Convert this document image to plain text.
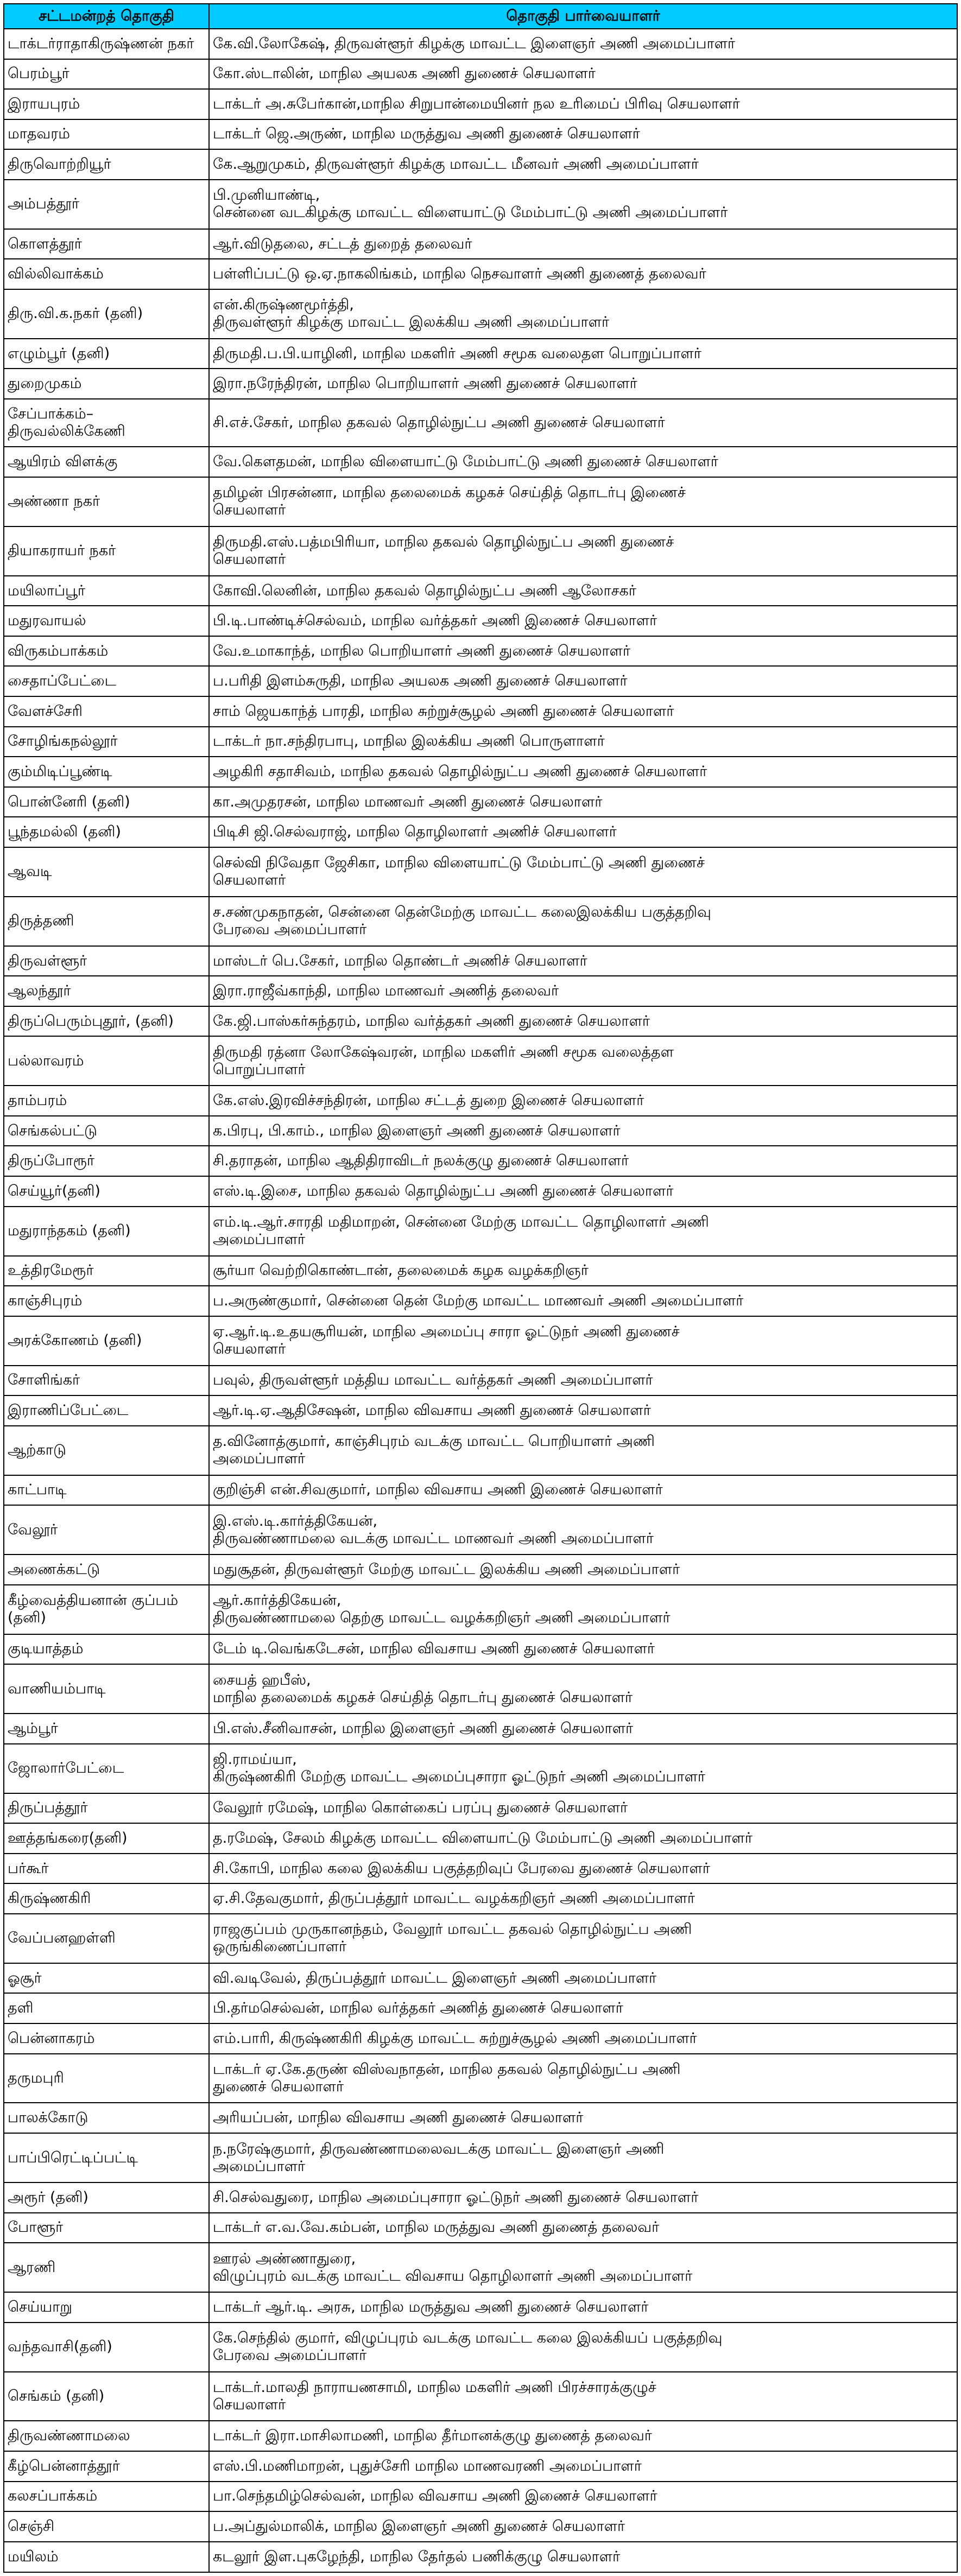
சட்டமன்றத் தொகுதி	தொகுதி பார்வையாளர்
டாக்டர்ராதாகிருஷ்ணன் நகர்	கே.வி.லோகேஷ், திருவள்ளூர் கிழக்கு மாவட்ட இளைஞர் அணி அமைப்பாளர்

பெரம்பூர்	கோ.ஸ்டாலின், மாநில அயலக அணி துணைச் செயலாளர்

இராயபுரம்	டாக்டர் அ.சுபேர்கான்,மாநில சிறுபான்மையினர் நல உரிமைப் பிரிவு செயலாளர்

மாதவரம்	டாக்டர் ஜெ.அருண், மாநில மருத்துவ அணி துணைச் செயலாளர்

திருவொற்றியூர்	கே.ஆறுமுகம், திருவள்ளூர் கிழக்கு மாவட்ட மீனவர் அணி அமைப்பாளர்

அம்பத்தூர்	பி.முனியாண்டி,
சென்னை வடகிழக்கு மாவட்ட விளையாட்டு மேம்பாட்டு அணி அமைப்பாளர்

கொளத்தூர்	ஆர்.விடுதலை, சட்டத் துறைத் தலைவர்

வில்லிவாக்கம்	பள்ளிப்பட்டு ஒ.ஏ.நாகலிங்கம், மாநில நெசவாளர் அணி துணைத் தலைவர்

திரு.வி.க.நகர் (தனி)	என்.கிருஷ்ணமூர்த்தி,
திருவள்ளூர் கிழக்கு மாவட்ட இலக்கிய அணி அமைப்பாளர்

எழும்பூர் (தனி)	திருமதி.ப.பி.யாழினி, மாநில மகளிர் அணி சமூக வலைதள பொறுப்பாளர்

துறைமுகம்	இரா.நரேந்திரன், மாநில பொறியாளர் அணி துணைச் செயலாளர்

சேப்பாக்கம்–திருவல்லிக்கேணி	சி.எச்.சேகர், மாநில தகவல் தொழில்நுட்ப அணி துணைச் செயலாளர்

ஆயிரம் விளக்கு	வே.கௌதமன், மாநில விளையாட்டு மேம்பாட்டு அணி துணைச் செயலாளர்

அண்ணா நகர்	தமிழன் பிரசன்னா, மாநில தலைமைக் கழகச் செய்தித் தொடர்பு இணைச்
செயலாளர்

தியாகராயர் நகர்	திருமதி.எஸ்.பத்மபிரியா, மாநில தகவல் தொழில்நுட்ப அணி துணைச்
செயலாளர்

மயிலாப்பூர்	கோவி.லெனின், மாநில தகவல் தொழில்நுட்ப அணி ஆலோசகர்

மதுரவாயல்	பி.டி.பாண்டிச்செல்வம், மாநில வர்த்தகர் அணி இணைச் செயலாளர்

விருகம்பாக்கம்	வே.உமாகாந்த், மாநில பொறியாளர் அணி துணைச் செயலாளர்

சைதாப்பேட்டை	ப.பரிதி இளம்சுருதி, மாநில அயலக அணி துணைச் செயலாளர்

வேளச்சேரி	சாம் ஜெயகாந்த் பாரதி, மாநில சுற்றுச்சூழல் அணி துணைச் செயலாளர்

சோழிங்கநல்லூர்	டாக்டர் நா.சந்திரபாபு, மாநில இலக்கிய அணி பொருளாளர்

கும்மிடிப்பூண்டி	அழகிரி சதாசிவம், மாநில தகவல் தொழில்நுட்ப அணி துணைச் செயலாளர்

பொன்னேரி (தனி)	கா.அமுதரசன், மாநில மாணவர் அணி துணைச் செயலாளர்

பூந்தமல்லி (தனி)	பிடிசி ஜி.செல்வராஜ், மாநில தொழிலாளர் அணிச் செயலாளர்

ஆவடி	செல்வி நிவேதா ஜேசிகா, மாநில விளையாட்டு மேம்பாட்டு அணி துணைச்
செயலாளர்

திருத்தணி	ச.சண்முகநாதன், சென்னை தென்மேற்கு மாவட்ட கலைஇலக்கிய பகுத்தறிவு
பேரவை அமைப்பாளர்

திருவள்ளூர்	மாஸ்டர் பெ.சேகர், மாநில தொண்டர் அணிச் செயலாளர்

ஆலந்தூர்	இரா.ராஜீவ்காந்தி, மாநில மாணவர் அணித் தலைவர்

திருப்பெரும்புதூர், (தனி)	கே.ஜி.பாஸ்கர்சுந்தரம், மாநில வர்த்தகர் அணி துணைச் செயலாளர்

பல்லாவரம்	திருமதி ரத்னா லோகேஷ்வரன், மாநில மகளிர் அணி சமூக வலைத்தள
பொறுப்பாளர்

தாம்பரம்	கே.எஸ்.இரவிச்சந்திரன், மாநில சட்டத் துறை இணைச் செயலாளர்

செங்கல்பட்டு	க.பிரபு, பி.காம்., மாநில இளைஞர் அணி துணைச் செயலாளர்

திருப்போரூர்	சி.தராதன், மாநில ஆதிதிராவிடர் நலக்குழு துணைச் செயலாளர்

செய்யூர்(தனி)	எஸ்.டி.இசை, மாநில தகவல் தொழில்நுட்ப அணி துணைச் செயலாளர்

மதுராந்தகம் (தனி)	எம்.டி.ஆர்.சாரதி மதிமாறன், சென்னை மேற்கு மாவட்ட தொழிலாளர் அணி
அமைப்பாளர்

உத்திரமேரூர்	சூர்யா வெற்றிகொண்டான், தலைமைக் கழக வழக்கறிஞர்

காஞ்சிபுரம்	ப.அருண்குமார், சென்னை தென் மேற்கு மாவட்ட மாணவர் அணி அமைப்பாளர்

அரக்கோணம் (தனி)	ஏ.ஆர்.டி.உதயசூரியன், மாநில அமைப்பு சாரா ஓட்டுநர் அணி துணைச்
செயலாளர்

சோளிங்கர்	பவுல், திருவள்ளூர் மத்திய மாவட்ட வர்த்தகர் அணி அமைப்பாளர்

இராணிப்பேட்டை	ஆர்.டி.ஏ.ஆதிசேஷன், மாநில விவசாய அணி துணைச் செயலாளர்

ஆற்காடு	த.வினோத்குமார், காஞ்சிபுரம் வடக்கு மாவட்ட பொறியாளர் அணி
அமைப்பாளர்

காட்பாடி	குறிஞ்சி என்.சிவகுமார், மாநில விவசாய அணி இணைச் செயலாளர்

வேலூர்	இ.எஸ்.டி.கார்த்திகேயன்,
திருவண்ணாமலை வடக்கு மாவட்ட மாணவர் அணி அமைப்பாளர்

அணைக்கட்டு	மதுசூதன், திருவள்ளூர் மேற்கு மாவட்ட இலக்கிய அணி அமைப்பாளர்

கீழ்வைத்தியனான் குப்பம் (தனி)	ஆர்.கார்த்திகேயன்,
திருவண்ணாமலை தெற்கு மாவட்ட வழக்கறிஞர் அணி அமைப்பாளர்

குடியாத்தம்	டேம் டி.வெங்கடேசன், மாநில விவசாய அணி துணைச் செயலாளர்

வாணியம்பாடி	சையத் ஹபீஸ்,
மாநில தலைமைக் கழகச் செய்தித் தொடர்பு துணைச் செயலாளர்

ஆம்பூர்	பி.எஸ்.சீனிவாசன், மாநில இளைஞர் அணி துணைச் செயலாளர்

ஜோலார்பேட்டை	ஜி.ராமய்யா,
கிருஷ்ணகிரி மேற்கு மாவட்ட அமைப்புசாரா ஓட்டுநர் அணி அமைப்பாளர்

திருப்பத்தூர்	வேலூர் ரமேஷ், மாநில கொள்கைப் பரப்பு துணைச் செயலாளர்

ஊத்தங்கரை(தனி)	த.ரமேஷ், சேலம் கிழக்கு மாவட்ட விளையாட்டு மேம்பாட்டு அணி அமைப்பாளர்

பர்கூர்	சி.கோபி, மாநில கலை இலக்கிய பகுத்தறிவுப் பேரவை துணைச் செயலாளர்

கிருஷ்ணகிரி	ஏ.சி.தேவகுமார், திருப்பத்தூர் மாவட்ட வழக்கறிஞர் அணி அமைப்பாளர்

வேப்பனஹள்ளி	ராஜகுப்பம் முருகானந்தம், வேலூர் மாவட்ட தகவல் தொழில்நுட்ப அணி
ஒருங்கிணைப்பாளர்

ஓசூர்	வி.வடிவேல், திருப்பத்தூர் மாவட்ட இளைஞர் அணி அமைப்பாளர்

தளி	பி.தர்மசெல்வன், மாநில வர்த்தகர் அணித் துணைச் செயலாளர்

பென்னாகரம்	எம்.பாரி, கிருஷ்ணகிரி கிழக்கு மாவட்ட சுற்றுச்சூழல் அணி அமைப்பாளர்

தருமபுரி	டாக்டர் ஏ.கே.தருண் விஸ்வநாதன், மாநில தகவல் தொழில்நுட்ப அணி
துணைச் செயலாளர்

பாலக்கோடு	அரியப்பன், மாநில விவசாய அணி துணைச் செயலாளர்

பாப்பிரெட்டிப்பட்டி	ந.நரேஷ்குமார், திருவண்ணாமலைவடக்கு மாவட்ட இளைஞர் அணி
அமைப்பாளர்

அரூர் (தனி)	சி.செல்வதுரை, மாநில அமைப்புசாரா ஓட்டுநர் அணி துணைச் செயலாளர்

போளூர்	டாக்டர் எ.வ.வே.கம்பன், மாநில மருத்துவ அணி துணைத் தலைவர்

ஆரணி	ஊரல் அண்ணாதுரை,
விழுப்புரம் வடக்கு மாவட்ட விவசாய தொழிலாளர் அணி அமைப்பாளர்

செய்யாறு	டாக்டர் ஆர்.டி. அரசு, மாநில மருத்துவ அணி துணைச் செயலாளர்

வந்தவாசி(தனி)	கே.செந்தில் குமார், விழுப்புரம் வடக்கு மாவட்ட கலை இலக்கியப் பகுத்தறிவு
பேரவை அமைப்பாளர்

செங்கம் (தனி)	டாக்டர்.மாலதி நாராயணசாமி, மாநில மகளிர் அணி பிரச்சாரக்குழுச்
செயலாளர்

திருவண்ணாமலை	டாக்டர் இரா.மாசிலாமணி, மாநில தீர்மானக்குழு துணைத் தலைவர்

கீழ்பென்னாத்தூர்	எஸ்.பி.மணிமாறன், புதுச்சேரி மாநில மாணவரணி அமைப்பாளர்

கலசப்பாக்கம்	பா.செந்தமிழ்செல்வன், மாநில விவசாய அணி இணைச் செயலாளர்

செஞ்சி	ப.அப்துல்மாலிக், மாநில இளைஞர் அணி துணைச் செயலாளர்

மயிலம்	கடலூர் இள.புகழேந்தி, மாநில தேர்தல் பணிக்குழு செயலாளர்
